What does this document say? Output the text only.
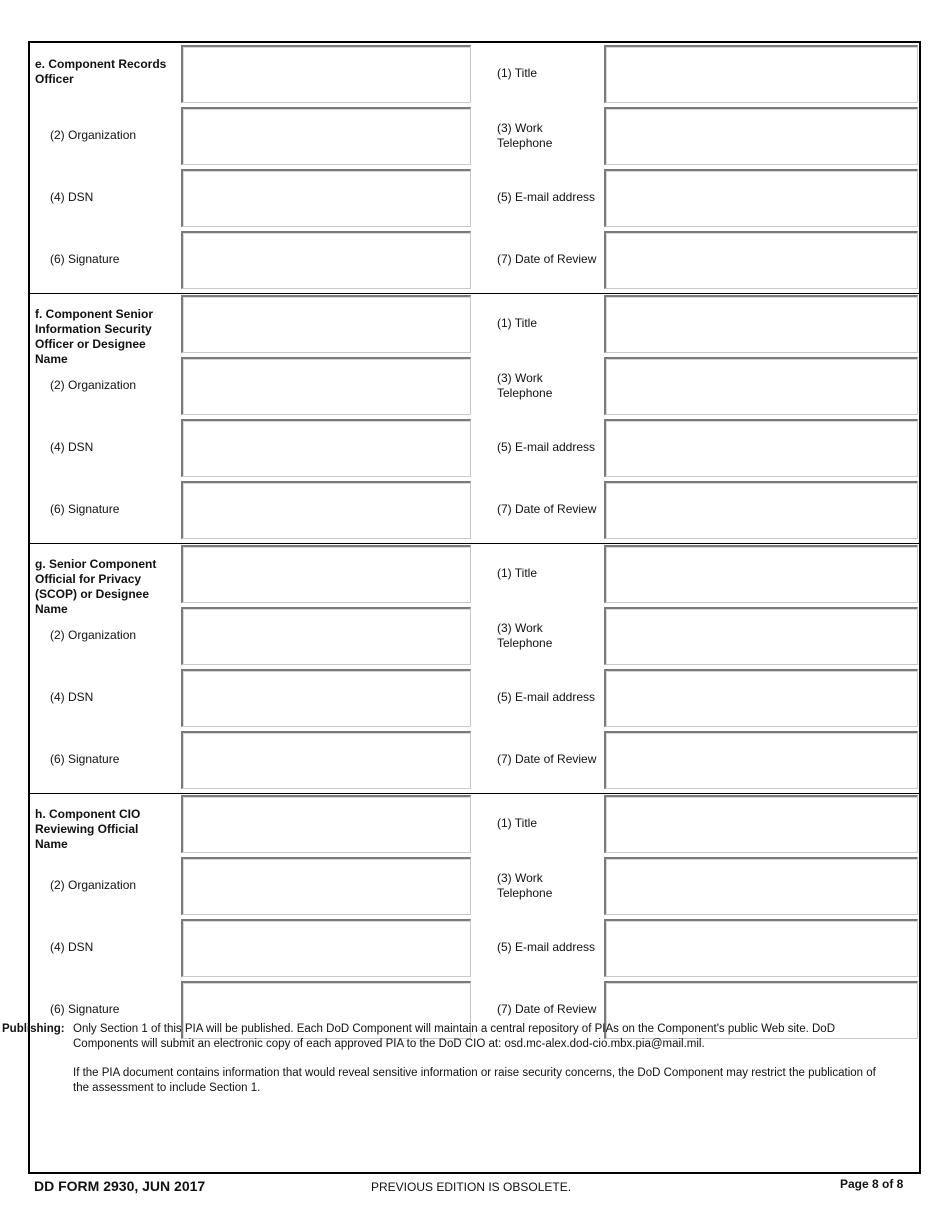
e. Component Records
Officer	(1) Title
(2) Organization	(3) Work
Telephone
(4) DSN	(5) E-mail address
(6) Signature	(7) Date of Review
f. Component Senior
Information Security
Officer or Designee
Name
(1) Title
(2) Organization	(3) Work
Telephone
(4) DSN	(5) E-mail address
(6) Signature	(7) Date of Review
g. Senior Component
Official for Privacy
(SCOP) or Designee
Name
(1) Title
(2) Organization	(3) Work
Telephone
(4) DSN	(5) E-mail address
(6) Signature	(7) Date of Review
h. Component CIO
Reviewing Official
Name
(1) Title
(2) Organization	(3) Work
Telephone
(4) DSN	(5) E-mail address
(6) Signature	(7) Date of Review
Publishing: Only Section 1 of this PIA will be published. Each DoD Component will maintain a central repository of PIAs on the Component's public Web site. DoD Components will submit an electronic copy of each approved PIA to the DoD CIO at: osd.mc-alex.dod-cio.mbx.pia@mail.mil.
If the PIA document contains information that would reveal sensitive information or raise security concerns, the DoD Component may restrict the publication of the assessment to include Section 1.
DD FORM 2930, JUN 2017	PREVIOUS EDITION IS OBSOLETE.	Page 8 of 8
